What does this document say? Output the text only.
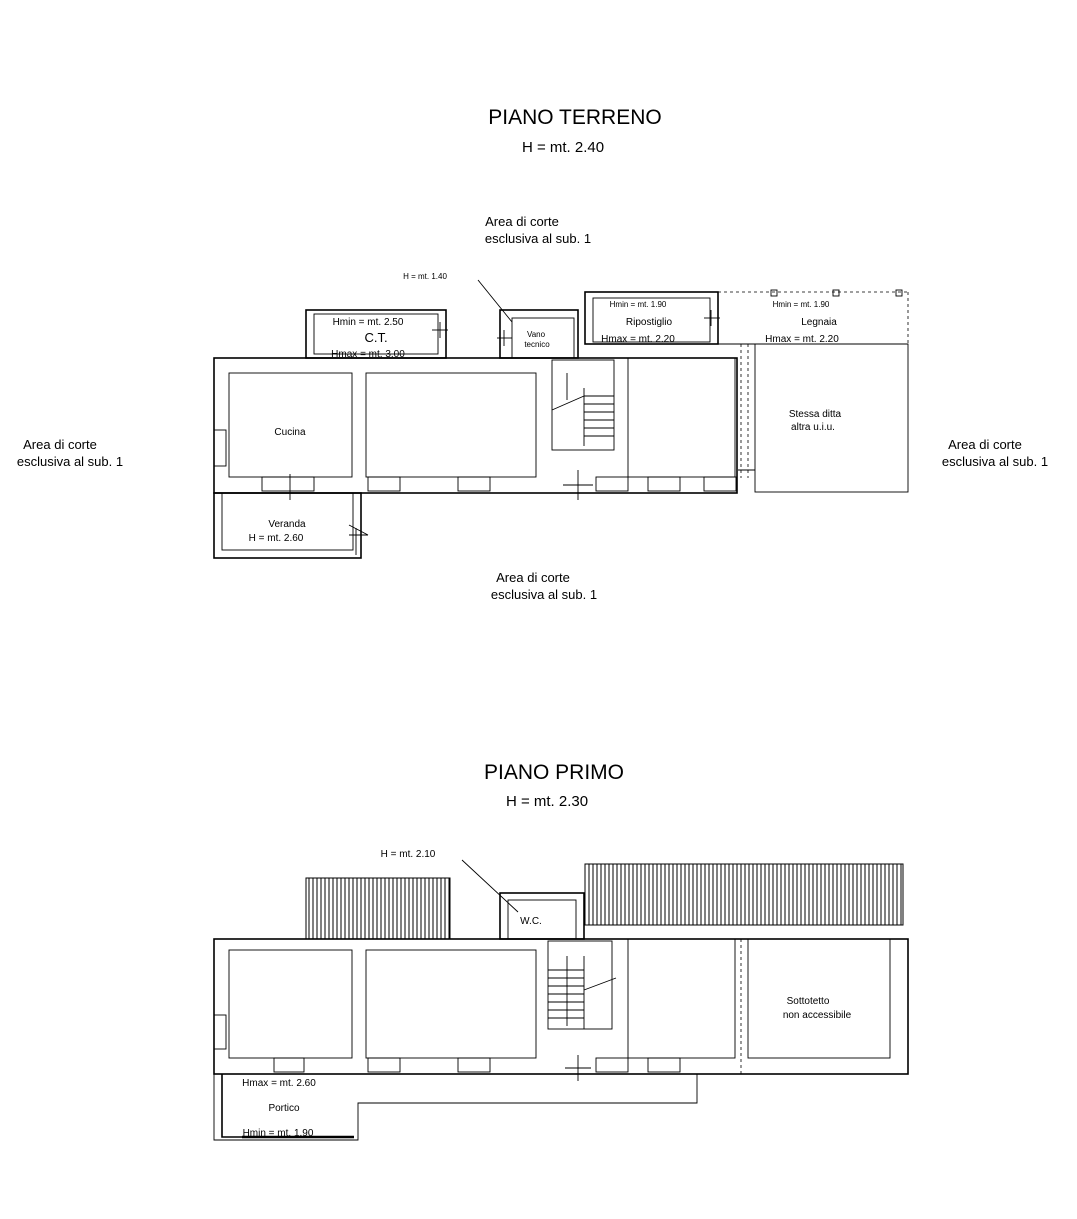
PIANO TERRENO
H = mt. 2.40
Area di corte
esclusiva al sub. 1
Area di corte
esclusiva al sub. 1
Area di corte
esclusiva al sub. 1
Area di corte
esclusiva al sub. 1
H = mt. 1.40
Hmin = mt. 2.50
C.T.
Hmax = mt. 3.00
Vano
tecnico
Hmin = mt. 1.90
Ripostiglio
Hmax = mt. 2.20
Hmin = mt. 1.90
Legnaia
Hmax = mt. 2.20
Cucina
Veranda
H = mt. 2.60
Stessa ditta
altra u.i.u.
PIANO PRIMO
H = mt. 2.30
H = mt. 2.10
W.C.
Sottotetto
non accessibile
Hmax = mt. 2.60
Portico
Hmin = mt. 1.90
